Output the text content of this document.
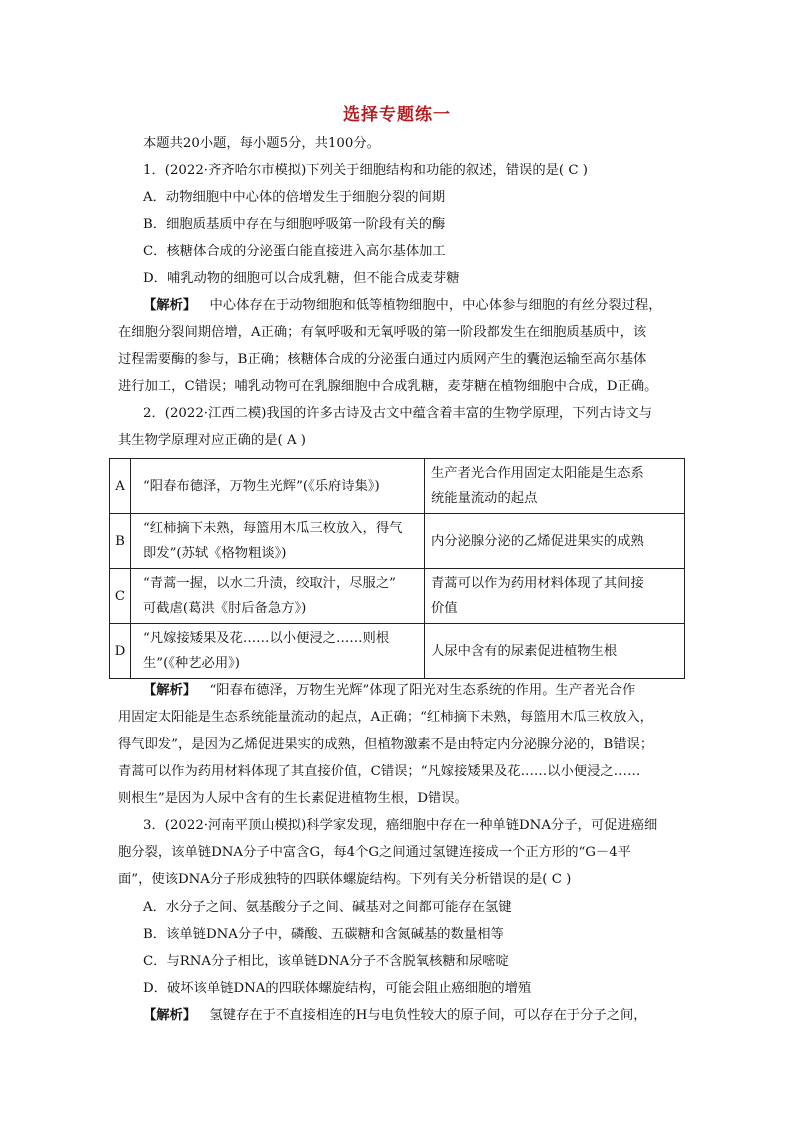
选择专题练一
本题共20小题，每小题5分，共100分。
1．(2022·齐齐哈尔市模拟)下列关于细胞结构和功能的叙述，错误的是( C )
A．动物细胞中中心体的倍增发生于细胞分裂的间期
B．细胞质基质中存在与细胞呼吸第一阶段有关的酶
C．核糖体合成的分泌蛋白能直接进入高尔基体加工
D．哺乳动物的细胞可以合成乳糖，但不能合成麦芽糖
【解析】  中心体存在于动物细胞和低等植物细胞中，中心体参与细胞的有丝分裂过程，
在细胞分裂间期倍增，A正确；有氧呼吸和无氧呼吸的第一阶段都发生在细胞质基质中，该
过程需要酶的参与，B正确；核糖体合成的分泌蛋白通过内质网产生的囊泡运输至高尔基体
进行加工，C错误；哺乳动物可在乳腺细胞中合成乳糖，麦芽糖在植物细胞中合成，D正确。
2．(2022·江西二模)我国的许多古诗及古文中蕴含着丰富的生物学原理，下列古诗文与
其生物学原理对应正确的是( A )
A	“阳春布德泽，万物生光辉”(《乐府诗集》)	生产者光合作用固定太阳能是生态系
统能量流动的起点
B	“红柿摘下未熟，每篮用木瓜三枚放入，得气
即发”(苏轼《格物粗谈》)	内分泌腺分泌的乙烯促进果实的成熟
C	“青蒿一握，以水二升渍，绞取汁，尽服之”
可截虐(葛洪《肘后备急方》)	青蒿可以作为药用材料体现了其间接
价值
D	“凡嫁接矮果及花……以小便浸之……则根
生”(《种艺必用》)	人尿中含有的尿素促进植物生根
【解析】  “阳春布德泽，万物生光辉”体现了阳光对生态系统的作用。生产者光合作
用固定太阳能是生态系统能量流动的起点，A正确；“红柿摘下未熟，每篮用木瓜三枚放入，
得气即发”，是因为乙烯促进果实的成熟，但植物激素不是由特定内分泌腺分泌的，B错误；
青蒿可以作为药用材料体现了其直接价值，C错误；“凡嫁接矮果及花……以小便浸之……
则根生”是因为人尿中含有的生长素促进植物生根，D错误。
3．(2022·河南平顶山模拟)科学家发现，癌细胞中存在一种单链DNA分子，可促进癌细
胞分裂，该单链DNA分子中富含G，每4个G之间通过氢键连接成一个正方形的“G－4平
面”，使该DNA分子形成独特的四联体螺旋结构。下列有关分析错误的是( C )
A．水分子之间、氨基酸分子之间、碱基对之间都可能存在氢键
B．该单链DNA分子中，磷酸、五碳糖和含氮碱基的数量相等
C．与RNA分子相比，该单链DNA分子不含脱氧核糖和尿嘧啶
D．破坏该单链DNA的四联体螺旋结构，可能会阻止癌细胞的增殖
【解析】  氢键存在于不直接相连的H与电负性较大的原子间，可以存在于分子之间，
